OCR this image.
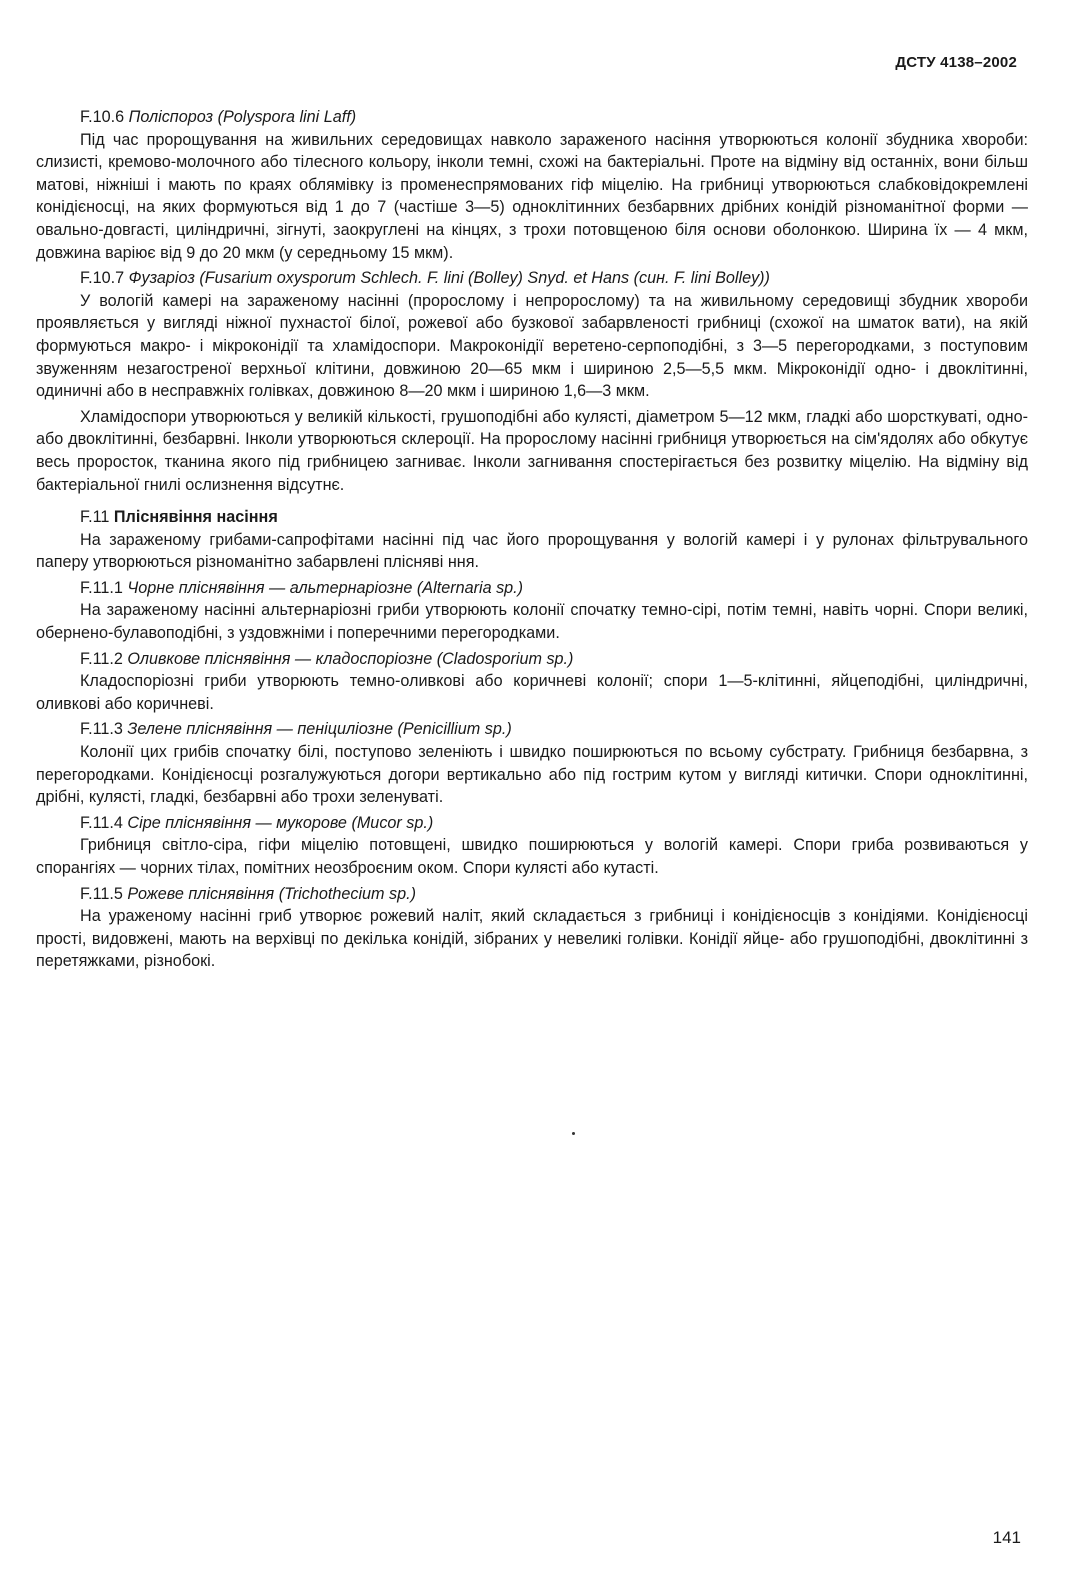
ДСТУ 4138–2002
F.10.6 Поліспороз (Polyspora lini Laff)

Під час пророщування на живильних середовищах навколо зараженого насіння утворюються колонії збудника хвороби: слизисті, кремово-молочного або тілесного кольору, інколи темні, схожі на бактеріальні. Проте на відміну від останніх, вони більш матові, ніжніші і мають по краях облямівку із променеспрямованих гіф міцелію. На грибниці утворюються слабковідокремлені конідієносці, на яких формуються від 1 до 7 (частіше 3—5) одноклітинних безбарвних дрібних конідій різноманітної форми — овально-довгасті, циліндричні, зігнуті, заокруглені на кінцях, з трохи потовщеною біля основи оболонкою. Ширина їх — 4 мкм, довжина варіює від 9 до 20 мкм (у середньому 15 мкм).

F.10.7 Фузаріоз (Fusarium oxysporum Schlech. F. lini (Bolley) Snyd. et Hans (син. F. lini Bolley))

У вологій камері на зараженому насінні (пророслому і непророслому) та на живильному середовищі збудник хвороби проявляється у вигляді ніжної пухнастої білої, рожевої або бузкової забарвленості грибниці (схожої на шматок вати), на якій формуються макро- і мікроконідії та хламідоспори. Макроконідії веретено-серпоподібні, з 3—5 перегородками, з поступовим звуженням незагостреної верхньої клітини, довжиною 20—65 мкм і шириною 2,5—5,5 мкм. Мікроконідії одно- і двоклітинні, одиничні або в несправжніх голівках, довжиною 8—20 мкм і шириною 1,6—3 мкм.

Хламідоспори утворюються у великій кількості, грушоподібні або кулясті, діаметром 5—12 мкм, гладкі або шорсткуваті, одно- або двоклітинні, безбарвні. Інколи утворюються склероції. На пророслому насінні грибниця утворюється на сім'ядолях або обкутує весь проросток, тканина якого під грибницею загниває. Інколи загнивання спостерігається без розвитку міцелію. На відміну від бактеріальної гнилі ослизнення відсутнє.

F.11 Пліснявіння насіння

На зараженому грибами-сапрофітами насінні під час його пророщування у вологій камері і у рулонах фільтрувального паперу утворюються різноманітно забарвлені плісняві ння.

F.11.1 Чорне пліснявіння — альтернаріозне (Alternaria sp.)

На зараженому насінні альтернаріозні гриби утворюють колонії спочатку темно-сірі, потім темні, навіть чорні. Спори великі, обернено-булавоподібні, з уздовжніми і поперечними перегородками.

F.11.2 Оливкове пліснявіння — кладоспоріозне (Cladosporium sp.)

Кладоспоріозні гриби утворюють темно-оливкові або коричневі колонії; спори 1—5-клітинні, яйцеподібні, циліндричні, оливкові або коричневі.

F.11.3 Зелене пліснявіння — пеніциліозне (Penicillium sp.)

Колонії цих грибів спочатку білі, поступово зеленіють і швидко поширюються по всьому субстрату. Грибниця безбарвна, з перегородками. Конідієносці розгалужуються догори вертикально або під гострим кутом у вигляді китички. Спори одноклітинні, дрібні, кулясті, гладкі, безбарвні або трохи зеленуваті.

F.11.4 Сіре пліснявіння — мукорове (Mucor sp.)

Грибниця світло-сіра, гіфи міцелію потовщені, швидко поширюються у вологій камері. Спори гриба розвиваються у спорангіях — чорних тілах, помітних неозброєним оком. Спори кулясті або кутасті.

F.11.5 Рожеве пліснявіння (Trichothecium sp.)

На ураженому насінні гриб утворює рожевий наліт, який складається з грибниці і конідієносців з конідіями. Конідієносці прості, видовжені, мають на верхівці по декілька конідій, зібраних у невеликі голівки. Конідії яйце- або грушоподібні, двоклітинні з перетяжками, різнобокі.

141
